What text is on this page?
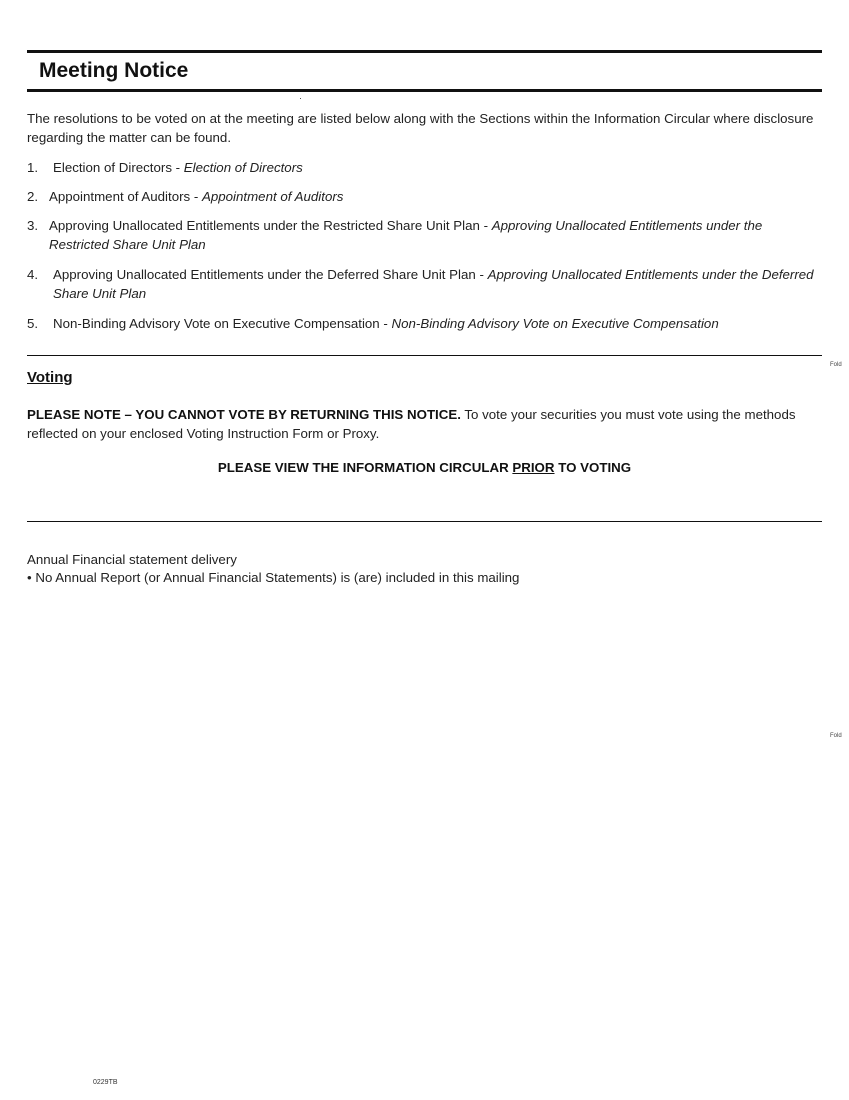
Meeting Notice

The resolutions to be voted on at the meeting are listed below along with the Sections within the Information Circular where disclosure regarding the matter can be found.

1.	Election of Directors - Election of Directors
2. Appointment of Auditors - Appointment of Auditors
3. Approving Unallocated Entitlements under the Restricted Share Unit Plan - Approving Unallocated Entitlements under the Restricted Share Unit Plan
4.	Approving Unallocated Entitlements under the Deferred Share Unit Plan - Approving Unallocated Entitlements under the Deferred Share Unit Plan
5.	Non-Binding Advisory Vote on Executive Compensation - Non-Binding Advisory Vote on Executive Compensation
Fold
Voting

PLEASE NOTE – YOU CANNOT VOTE BY RETURNING THIS NOTICE. To vote your securities you must vote using the methods reflected on your enclosed Voting Instruction Form or Proxy.

PLEASE VIEW THE INFORMATION CIRCULAR PRIOR TO VOTING
Annual Financial statement delivery
• No Annual Report (or Annual Financial Statements) is (are) included in this mailing
Fold
0229TB
